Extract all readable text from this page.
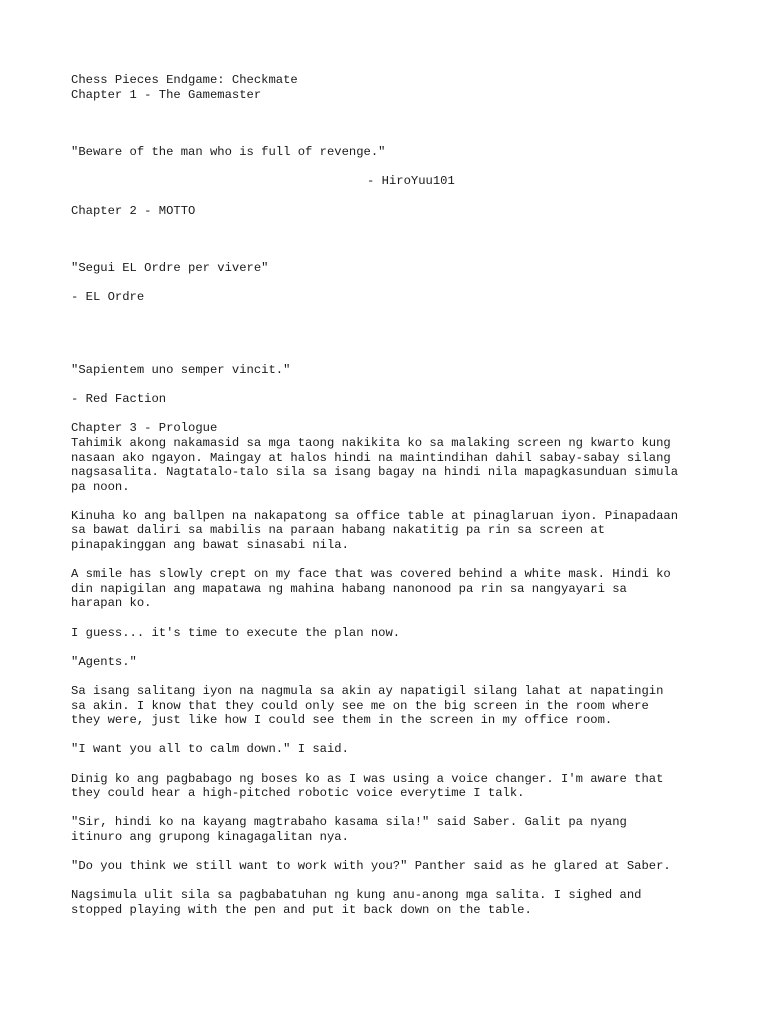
Chess Pieces Endgame: Checkmate
Chapter 1 - The Gamemaster
"Beware of the man who is full of revenge."
- HiroYuu101
Chapter 2 - MOTTO
"Segui EL Ordre per vivere"
- EL Ordre
"Sapientem uno semper vincit."
- Red Faction
Chapter 3 - Prologue
Tahimik akong nakamasid sa mga taong nakikita ko sa malaking screen ng kwarto kung
nasaan ako ngayon. Maingay at halos hindi na maintindihan dahil sabay-sabay silang
nagsasalita. Nagtatalo-talo sila sa isang bagay na hindi nila mapagkasunduan simula
pa noon.
Kinuha ko ang ballpen na nakapatong sa office table at pinaglaruan iyon. Pinapadaan
sa bawat daliri sa mabilis na paraan habang nakatitig pa rin sa screen at
pinapakinggan ang bawat sinasabi nila.
A smile has slowly crept on my face that was covered behind a white mask. Hindi ko
din napigilan ang mapatawa ng mahina habang nanonood pa rin sa nangyayari sa
harapan ko.
I guess... it's time to execute the plan now.
"Agents."
Sa isang salitang iyon na nagmula sa akin ay napatigil silang lahat at napatingin
sa akin. I know that they could only see me on the big screen in the room where
they were, just like how I could see them in the screen in my office room.
"I want you all to calm down." I said.
Dinig ko ang pagbabago ng boses ko as I was using a voice changer. I'm aware that
they could hear a high-pitched robotic voice everytime I talk.
"Sir, hindi ko na kayang magtrabaho kasama sila!" said Saber. Galit pa nyang
itinuro ang grupong kinagagalitan nya.
"Do you think we still want to work with you?" Panther said as he glared at Saber.
Nagsimula ulit sila sa pagbabatuhan ng kung anu-anong mga salita. I sighed and
stopped playing with the pen and put it back down on the table.
